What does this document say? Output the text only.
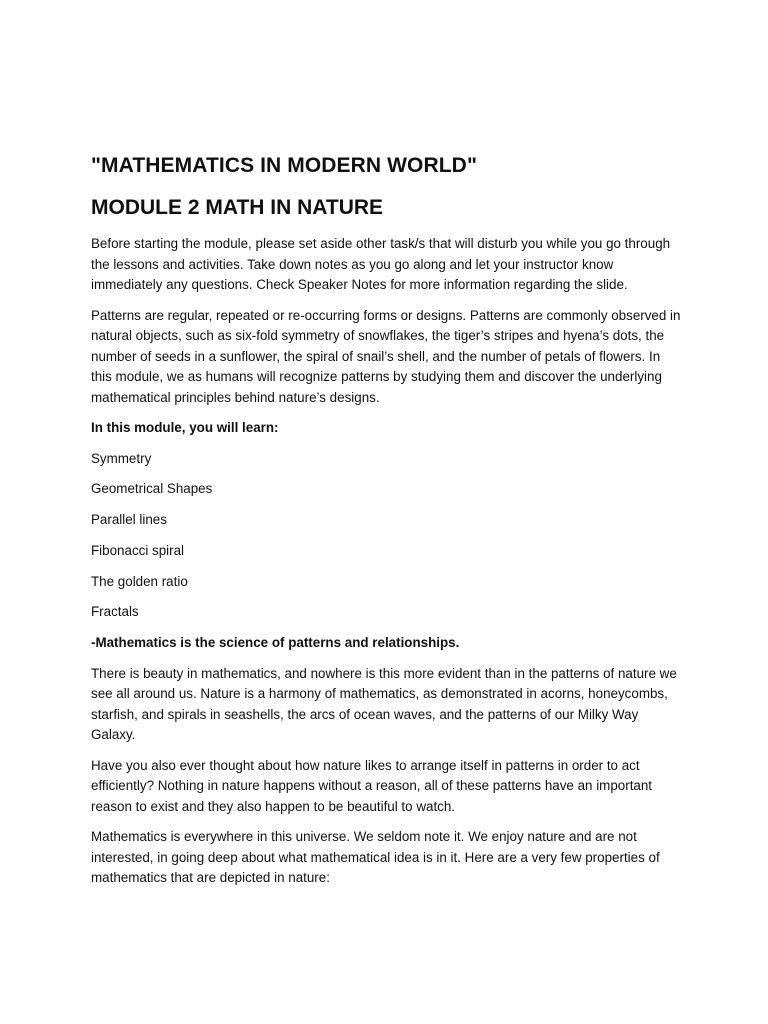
"MATHEMATICS IN MODERN WORLD"
MODULE 2 MATH IN NATURE

Before starting the module, please set aside other task/s that will disturb you while you go through the lessons and activities. Take down notes as you go along and let your instructor know immediately any questions. Check Speaker Notes for more information regarding the slide.

Patterns are regular, repeated or re-occurring forms or designs. Patterns are commonly observed in natural objects, such as six-fold symmetry of snowflakes, the tiger’s stripes and hyena’s dots, the number of seeds in a sunflower, the spiral of snail’s shell, and the number of petals of flowers. In this module, we as humans will recognize patterns by studying them and discover the underlying mathematical principles behind nature’s designs.

In this module, you will learn:

Symmetry
Geometrical Shapes
Parallel lines
Fibonacci spiral
The golden ratio
Fractals

-Mathematics is the science of patterns and relationships.

There is beauty in mathematics, and nowhere is this more evident than in the patterns of nature we see all around us. Nature is a harmony of mathematics, as demonstrated in acorns, honeycombs, starfish, and spirals in seashells, the arcs of ocean waves, and the patterns of our Milky Way Galaxy.

Have you also ever thought about how nature likes to arrange itself in patterns in order to act efficiently? Nothing in nature happens without a reason, all of these patterns have an important reason to exist and they also happen to be beautiful to watch.

Mathematics is everywhere in this universe. We seldom note it. We enjoy nature and are not interested, in going deep about what mathematical idea is in it. Here are a very few properties of mathematics that are depicted in nature:
